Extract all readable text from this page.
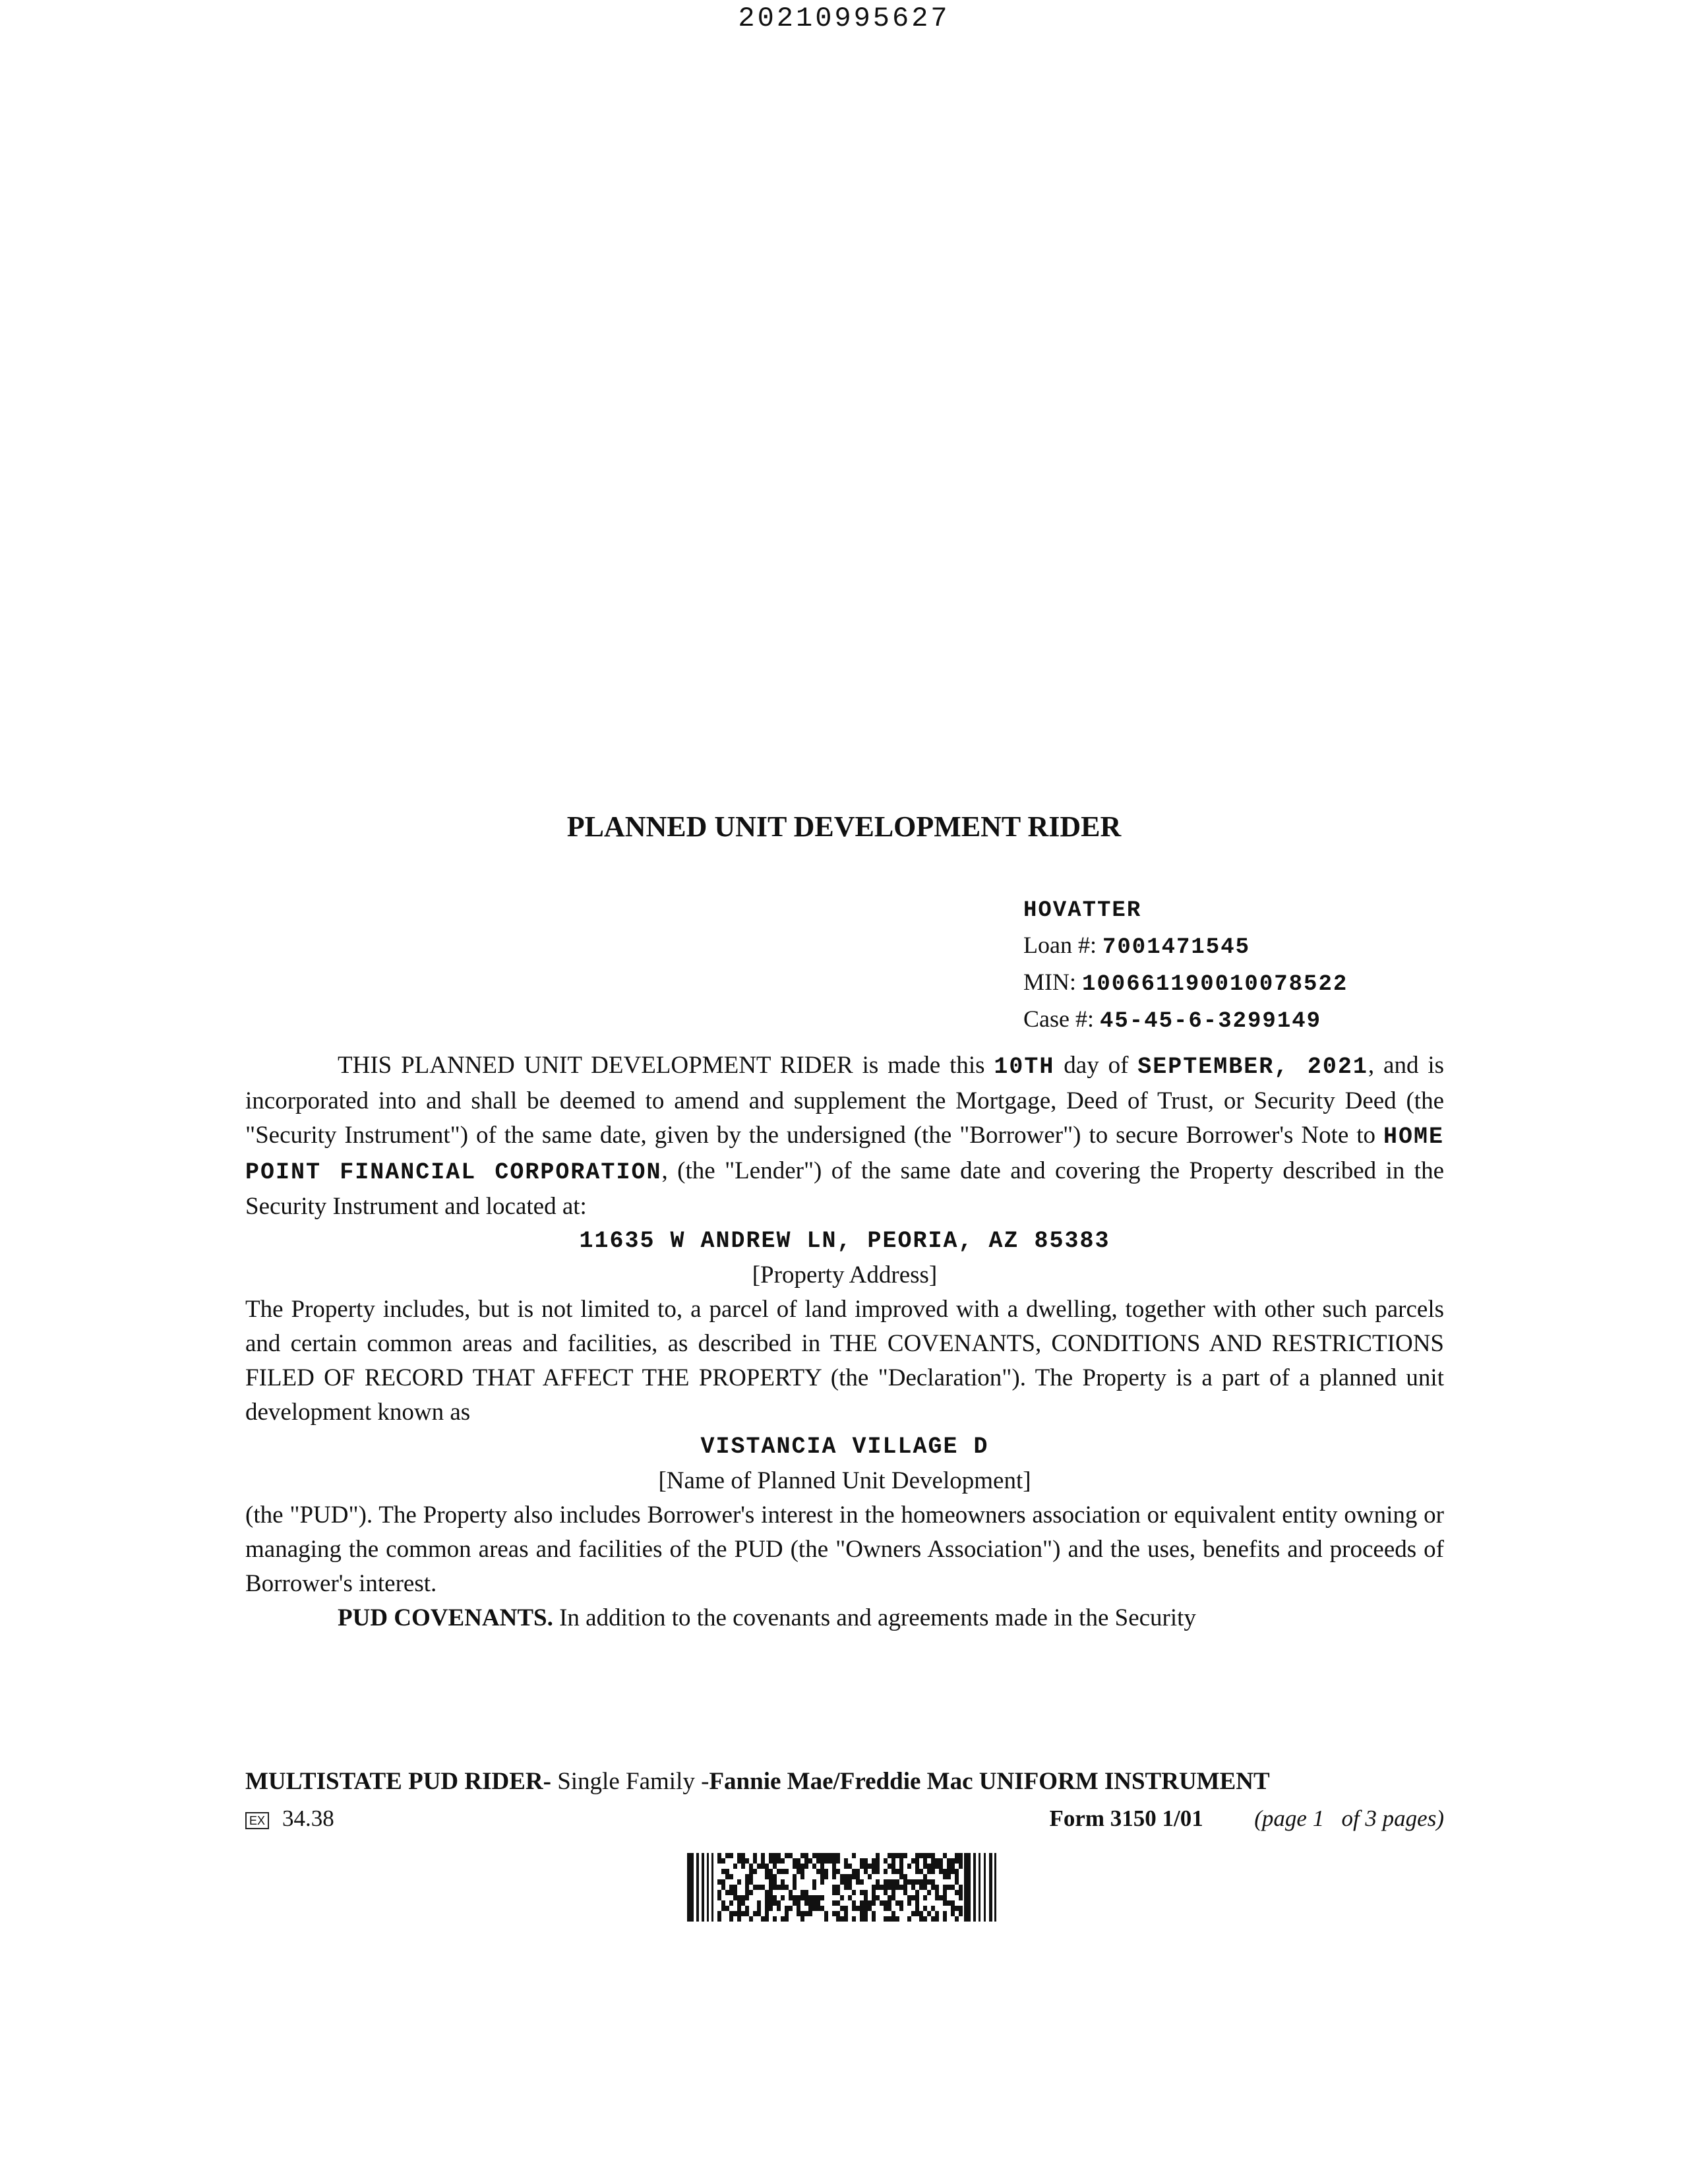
20210995627
PLANNED UNIT DEVELOPMENT RIDER
HOVATTER
Loan #: 7001471545
MIN: 100661190010078522
Case #: 45-45-6-3299149

THIS PLANNED UNIT DEVELOPMENT RIDER is made this 10TH day of SEPTEMBER, 2021, and is incorporated into and shall be deemed to amend and supplement the Mortgage, Deed of Trust, or Security Deed (the "Security Instrument") of the same date, given by the undersigned (the "Borrower") to secure Borrower's Note to HOME POINT FINANCIAL CORPORATION, (the "Lender") of the same date and covering the Property described in the Security Instrument and located at:

11635 W ANDREW LN, PEORIA, AZ 85383
[Property Address]

The Property includes, but is not limited to, a parcel of land improved with a dwelling, together with other such parcels and certain common areas and facilities, as described in THE COVENANTS, CONDITIONS AND RESTRICTIONS FILED OF RECORD THAT AFFECT THE PROPERTY (the "Declaration"). The Property is a part of a planned unit development known as

VISTANCIA VILLAGE D
[Name of Planned Unit Development]

(the "PUD"). The Property also includes Borrower's interest in the homeowners association or equivalent entity owning or managing the common areas and facilities of the PUD (the "Owners Association") and the uses, benefits and proceeds of Borrower's interest.

PUD COVENANTS. In addition to the covenants and agreements made in the Security

MULTISTATE PUD RIDER- Single Family -Fannie Mae/Freddie Mac UNIFORM INSTRUMENT
EX 34.38	Form 3150 1/01 (page 1   of 3 pages)
